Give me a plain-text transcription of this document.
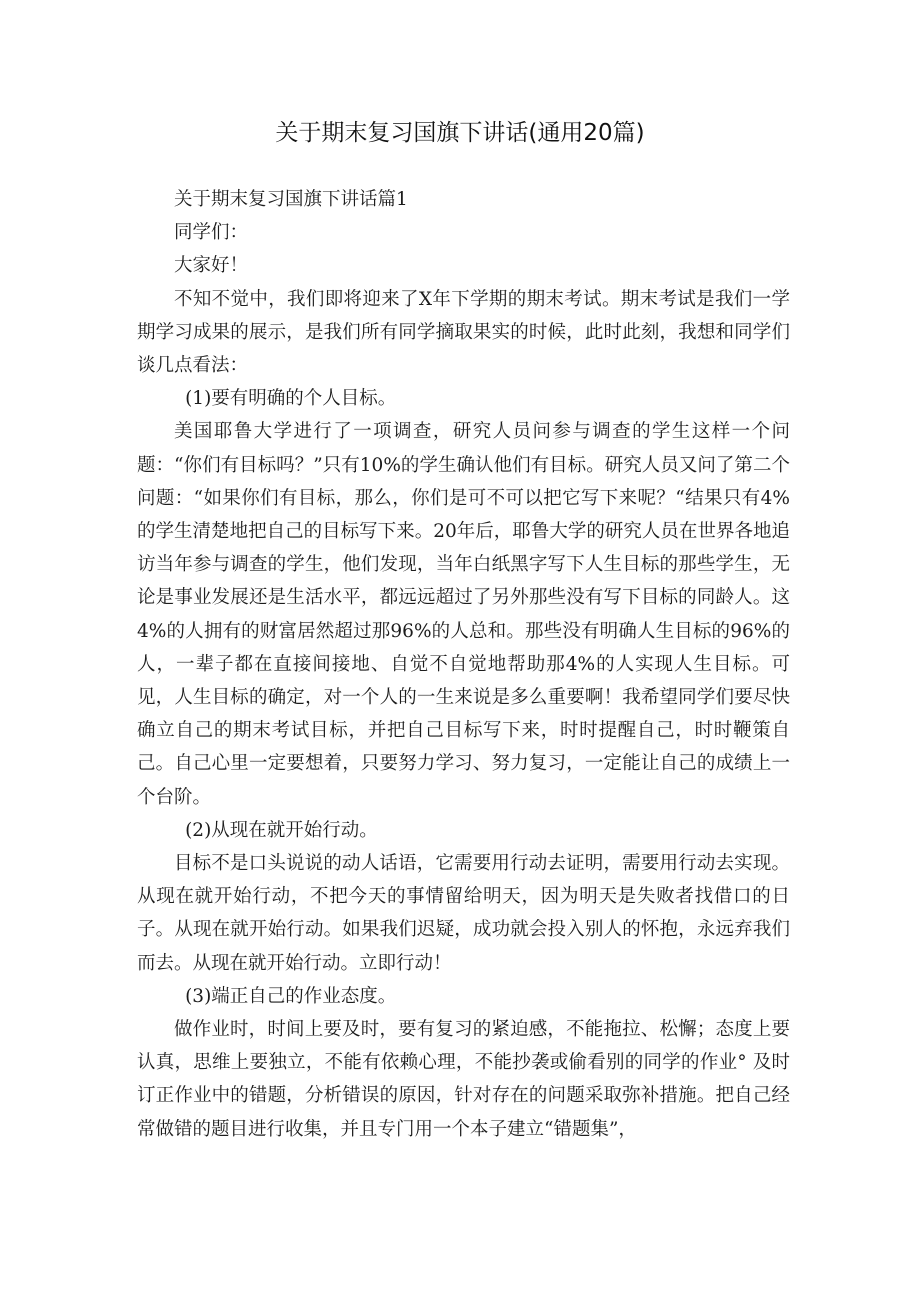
关于期末复习国旗下讲话(通用20篇)

关于期末复习国旗下讲话篇1

同学们：

大家好！

不知不觉中，我们即将迎来了X年下学期的期末考试。期末考试是我们一学期学习成果的展示，是我们所有同学摘取果实的时候，此时此刻，我想和同学们谈几点看法：

(1)要有明确的个人目标。

美国耶鲁大学进行了一项调查，研究人员问参与调查的学生这样一个问题：“你们有目标吗？”只有10%的学生确认他们有目标。研究人员又问了第二个问题：“如果你们有目标，那么，你们是可不可以把它写下来呢？“结果只有4%的学生清楚地把自己的目标写下来。20年后，耶鲁大学的研究人员在世界各地追访当年参与调查的学生，他们发现，当年白纸黑字写下人生目标的那些学生，无论是事业发展还是生活水平，都远远超过了另外那些没有写下目标的同龄人。这4%的人拥有的财富居然超过那96%的人总和。那些没有明确人生目标的96%的人，一辈子都在直接间接地、自觉不自觉地帮助那4%的人实现人生目标。可见，人生目标的确定，对一个人的一生来说是多么重要啊！我希望同学们要尽快确立自己的期末考试目标，并把自己目标写下来，时时提醒自己，时时鞭策自己。自己心里一定要想着，只要努力学习、努力复习，一定能让自己的成绩上一个台阶。

(2)从现在就开始行动。

目标不是口头说说的动人话语，它需要用行动去证明，需要用行动去实现。从现在就开始行动，不把今天的事情留给明天，因为明天是失败者找借口的日子。从现在就开始行动。如果我们迟疑，成功就会投入别人的怀抱，永远弃我们而去。从现在就开始行动。立即行动！

(3)端正自己的作业态度。

做作业时，时间上要及时，要有复习的紧迫感，不能拖拉、松懈；态度上要认真，思维上要独立，不能有依赖心理，不能抄袭或偷看别的同学的作业° 及时订正作业中的错题，分析错误的原因，针对存在的问题采取弥补措施。把自己经常做错的题目进行收集，并且专门用一个本子建立“错题集”，
